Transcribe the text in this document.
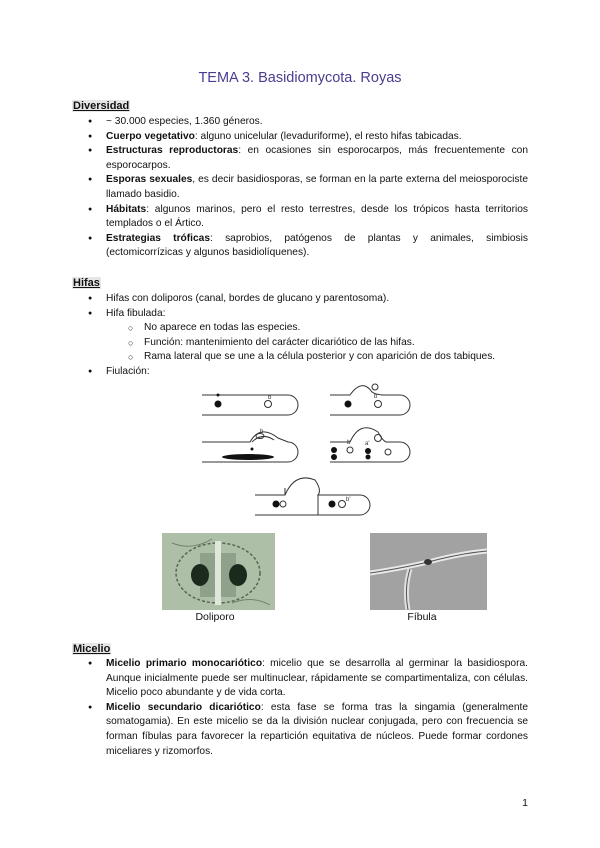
TEMA 3. Basidiomycota. Royas
Diversidad
● ~ 30.000 especies, 1.360 géneros.
● Cuerpo vegetativo: alguno unicelular (levaduriforme), el resto hifas tabicadas.
● Estructuras reproductoras: en ocasiones sin esporocarpos, más frecuentemente con esporocarpos.
● Esporas sexuales, es decir basidiosporas, se forman en la parte externa del meiosporociste llamado basidio.
● Hábitats: algunos marinos, pero el resto terrestres, desde los trópicos hasta territorios templados o el Ártico.
● Estrategias tróficas: saprobios, patógenos de plantas y animales, simbiosis (ectomicorrízicas y algunos basidiolíquenes).
Hifas
● Hifas con doliporos (canal, bordes de glucano y parentosoma).
● Hifa fibulada:
○ No aparece en todas las especies.
○ Función: mantenimiento del carácter dicariótico de las hifas.
○ Rama lateral que se une a la célula posterior y con aparición de dos tabiques.
● Fiulación:
b	b'
b
b a'
b'
Doliporo	Fíbula
Micelio
● Micelio primario monocariótico: micelio que se desarrolla al germinar la basidiospora. Aunque inicialmente puede ser multinuclear, rápidamente se compartimentaliza, con células. Micelio poco abundante y de vida corta.
● Micelio secundario dicariótico: esta fase se forma tras la singamia (generalmente somatogamia). En este micelio se da la división nuclear conjugada, pero con frecuencia se forman fíbulas para favorecer la repartición equitativa de núcleos. Puede formar cordones miceliares y rizomorfos.
1
